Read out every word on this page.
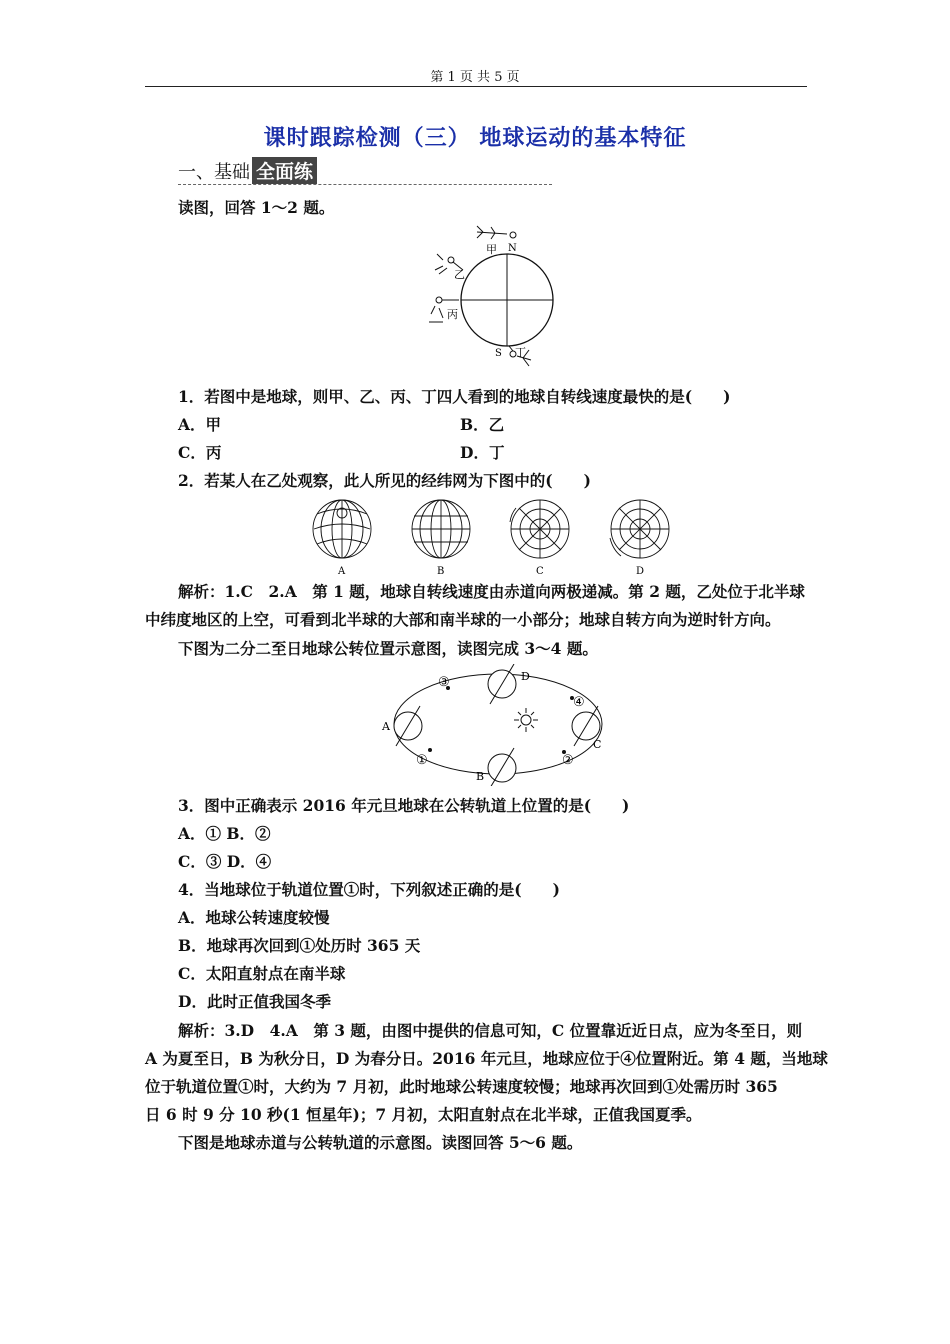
第 1 页 共 5 页
课时跟踪检测（三） 地球运动的基本特征
一、基础 全面练
读图，回答 1～2 题。
甲 N
乙
丙
S 丁
1．若图中是地球，则甲、乙、丙、丁四人看到的地球自转线速度最快的是(　　)
A．甲	B．乙
C．丙	D．丁
2．若某人在乙处观察，此人所见的经纬网为下图中的(　　)
A	B	C	D
解析：1.C　2.A　第 1 题，地球自转线速度由赤道向两极递减。第 2 题，乙处位于北半球
中纬度地区的上空，可看到北半球的大部和南半球的一小部分；地球自转方向为逆时针方向。
下图为二分二至日地球公转位置示意图，读图完成 3～4 题。
D
A
C
B
③
④
①	②
3．图中正确表示 2016 年元旦地球在公转轨道上位置的是(　　)
A．① B．②
C．③ D．④
4．当地球位于轨道位置①时，下列叙述正确的是(　　)
A．地球公转速度较慢
B．地球再次回到①处历时 365 天
C．太阳直射点在南半球
D．此时正值我国冬季
解析：3.D　4.A　第 3 题，由图中提供的信息可知，C 位置靠近近日点，应为冬至日，则
A 为夏至日，B 为秋分日，D 为春分日。2016 年元旦，地球应位于④位置附近。第 4 题，当地球
位于轨道位置①时，大约为 7 月初，此时地球公转速度较慢；地球再次回到①处需历时 365
日 6 时 9 分 10 秒(1 恒星年)；7 月初，太阳直射点在北半球，正值我国夏季。
下图是地球赤道与公转轨道的示意图。读图回答 5～6 题。
